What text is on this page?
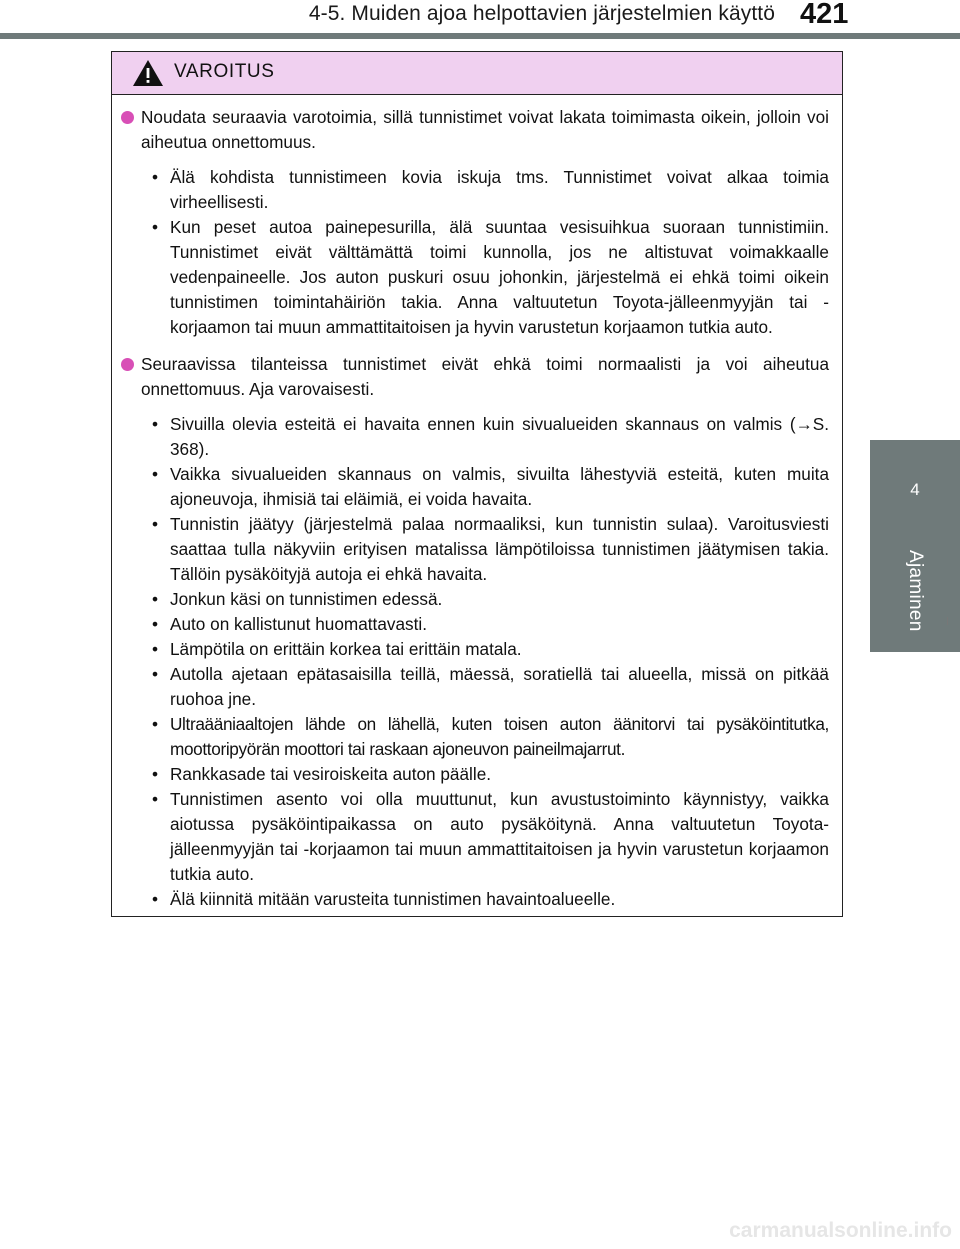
4-5. Muiden ajoa helpottavien järjestelmien käyttö 421
4
Ajaminen
VAROITUS
Noudata seuraavia varotoimia, sillä tunnistimet voivat lakata toimimasta oikein, jolloin voi aiheutua onnettomuus.
• Älä kohdista tunnistimeen kovia iskuja tms. Tunnistimet voivat alkaa toimia virheellisesti.
• Kun peset autoa painepesurilla, älä suuntaa vesisuihkua suoraan tunnistimiin. Tunnistimet eivät välttämättä toimi kunnolla, jos ne altistuvat voimakkaalle vedenpaineelle. Jos auton puskuri osuu johonkin, järjestelmä ei ehkä toimi oikein tunnistimen toimintahäiriön takia. Anna valtuutetun Toyota-jälleenmyyjän tai -korjaamon tai muun ammattitaitoisen ja hyvin varustetun korjaamon tutkia auto.
Seuraavissa tilanteissa tunnistimet eivät ehkä toimi normaalisti ja voi aiheutua onnettomuus. Aja varovaisesti.
• Sivuilla olevia esteitä ei havaita ennen kuin sivualueiden skannaus on valmis (→S. 368).
• Vaikka sivualueiden skannaus on valmis, sivuilta lähestyviä esteitä, kuten muita ajoneuvoja, ihmisiä tai eläimiä, ei voida havaita.
• Tunnistin jäätyy (järjestelmä palaa normaaliksi, kun tunnistin sulaa). Varoitusviesti saattaa tulla näkyviin erityisen matalissa lämpötiloissa tunnistimen jäätymisen takia. Tällöin pysäköityjä autoja ei ehkä havaita.
• Jonkun käsi on tunnistimen edessä.
• Auto on kallistunut huomattavasti.
• Lämpötila on erittäin korkea tai erittäin matala.
• Autolla ajetaan epätasaisilla teillä, mäessä, soratiellä tai alueella, missä on pitkää ruohoa jne.
• Ultraääniaaltojen lähde on lähellä, kuten toisen auton äänitorvi tai pysäköintitutka, moottoripyörän moottori tai raskaan ajoneuvon paineilmajarrut.
• Rankkasade tai vesiroiskeita auton päälle.
• Tunnistimen asento voi olla muuttunut, kun avustustoiminto käynnistyy, vaikka aiotussa pysäköintipaikassa on auto pysäköitynä. Anna valtuutetun Toyota-jälleenmyyjän tai -korjaamon tai muun ammattitaitoisen ja hyvin varustetun korjaamon tutkia auto.
• Älä kiinnitä mitään varusteita tunnistimen havaintoalueelle.
carmanualsonline.info
